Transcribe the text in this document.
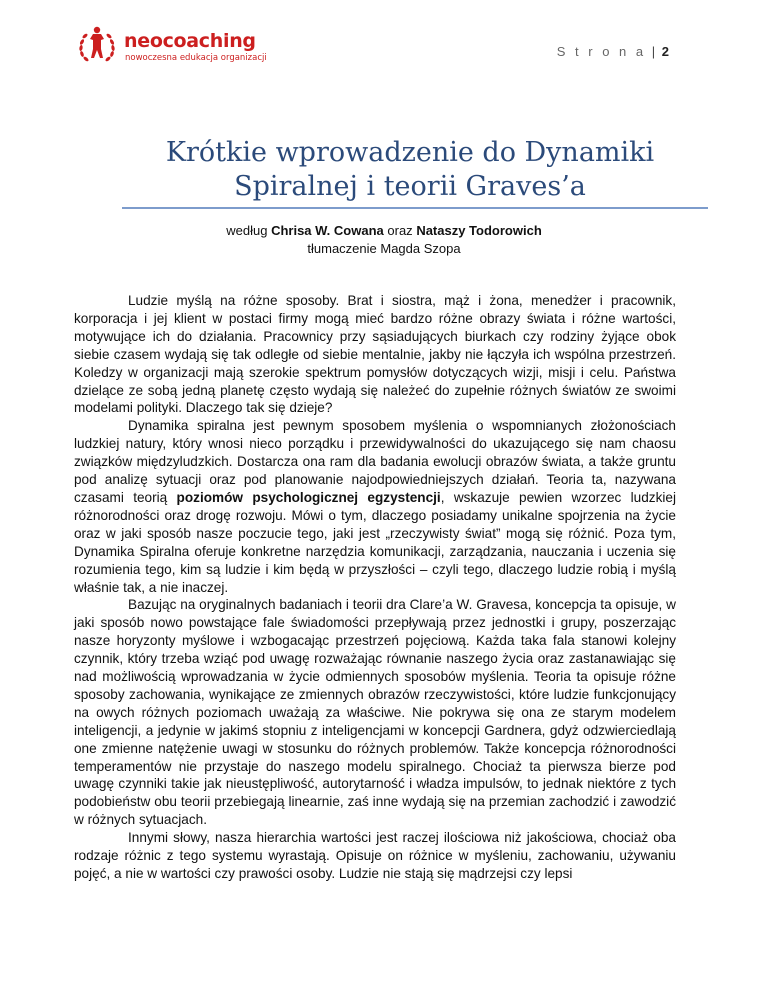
neocoaching
nowoczesna edukacja organizacji	S t r o n a | 2
Krótkie wprowadzenie do Dynamiki
Spiralnej i teorii Graves’a
według Chrisa W. Cowana oraz Nataszy Todorowich
tłumaczenie Magda Szopa

Ludzie myślą na różne sposoby. Brat i siostra, mąż i żona, menedżer i pracownik, korporacja i jej klient w postaci firmy mogą mieć bardzo różne obrazy świata i różne wartości, motywujące ich do działania. Pracownicy przy sąsiadujących biurkach czy rodziny żyjące obok siebie czasem wydają się tak odległe od siebie mentalnie, jakby nie łączyła ich wspólna przestrzeń. Koledzy w organizacji mają szerokie spektrum pomysłów dotyczących wizji, misji i celu. Państwa dzielące ze sobą jedną planetę często wydają się należeć do zupełnie różnych światów ze swoimi modelami polityki. Dlaczego tak się dzieje?

Dynamika spiralna jest pewnym sposobem myślenia o wspomnianych złożonościach ludzkiej natury, który wnosi nieco porządku i przewidywalności do ukazującego się nam chaosu związków międzyludzkich. Dostarcza ona ram dla badania ewolucji obrazów świata, a także gruntu pod analizę sytuacji oraz pod planowanie najodpowiedniejszych działań. Teoria ta, nazywana czasami teorią poziomów psychologicznej egzystencji, wskazuje pewien wzorzec ludzkiej różnorodności oraz drogę rozwoju. Mówi o tym, dlaczego posiadamy unikalne spojrzenia na życie oraz w jaki sposób nasze poczucie tego, jaki jest „rzeczywisty świat” mogą się różnić. Poza tym, Dynamika Spiralna oferuje konkretne narzędzia komunikacji, zarządzania, nauczania i uczenia się rozumienia tego, kim są ludzie i kim będą w przyszłości – czyli tego, dlaczego ludzie robią i myślą właśnie tak, a nie inaczej.

Bazując na oryginalnych badaniach i teorii dra Clare’a W. Gravesa, koncepcja ta opisuje, w jaki sposób nowo powstające fale świadomości przepływają przez jednostki i grupy, poszerzając nasze horyzonty myślowe i wzbogacając przestrzeń pojęciową. Każda taka fala stanowi kolejny czynnik, który trzeba wziąć pod uwagę rozważając równanie naszego życia oraz zastanawiając się nad możliwością wprowadzania w życie odmiennych sposobów myślenia. Teoria ta opisuje różne sposoby zachowania, wynikające ze zmiennych obrazów rzeczywistości, które ludzie funkcjonujący na owych różnych poziomach uważają za właściwe. Nie pokrywa się ona ze starym modelem inteligencji, a jedynie w jakimś stopniu z inteligencjami w koncepcji Gardnera, gdyż odzwierciedlają one zmienne natężenie uwagi w stosunku do różnych problemów. Także koncepcja różnorodności temperamentów nie przystaje do naszego modelu spiralnego. Chociaż ta pierwsza bierze pod uwagę czynniki takie jak nieustępliwość, autorytarność i władza impulsów, to jednak niektóre z tych podobieństw obu teorii przebiegają linearnie, zaś inne wydają się na przemian zachodzić i zawodzić w różnych sytuacjach.

Innymi słowy, nasza hierarchia wartości jest raczej ilościowa niż jakościowa, chociaż oba rodzaje różnic z tego systemu wyrastają. Opisuje on różnice w myśleniu, zachowaniu, używaniu pojęć, a nie w wartości czy prawości osoby. Ludzie nie stają się mądrzejsi czy lepsi
